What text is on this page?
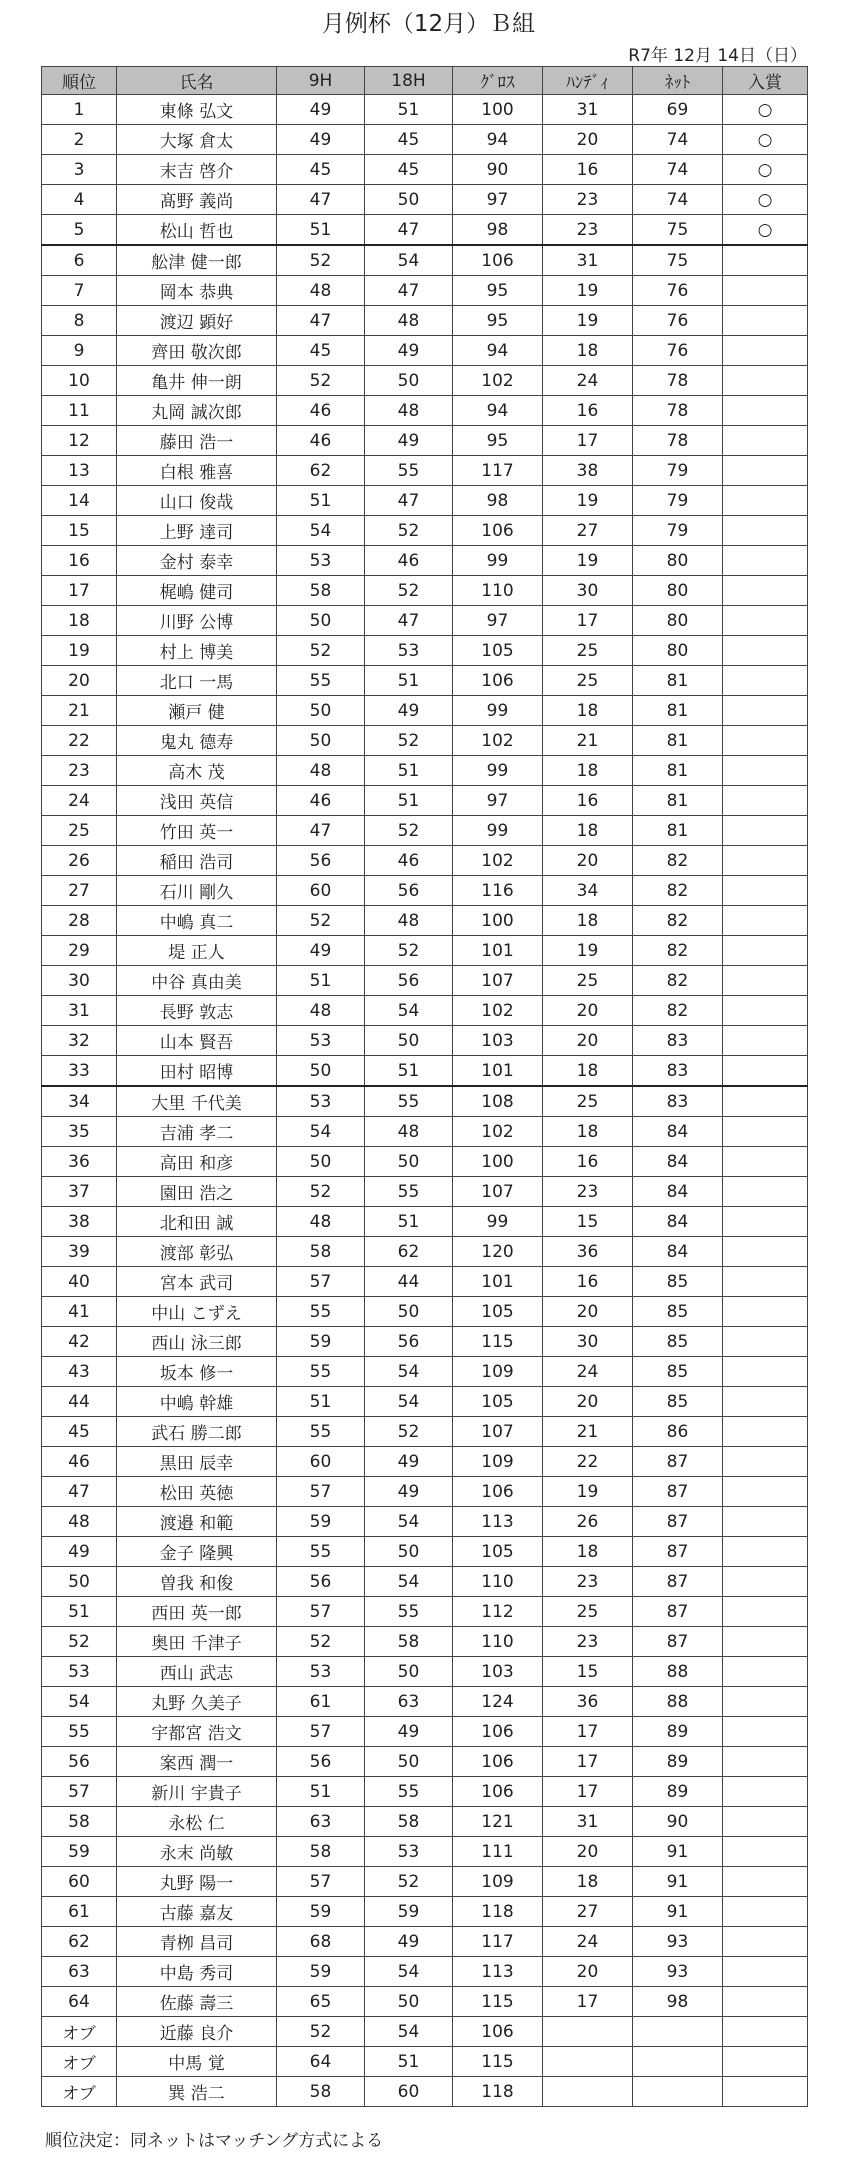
月例杯（12月）Ｂ組
R7年 12月 14日（日）
順位	氏名	9H	18H	ｸﾞﾛｽ	ﾊﾝﾃﾞｨ	ﾈｯﾄ	入賞
1	東條 弘文	49	51	100	31	69	○
2	大塚 倉太	49	45	94	20	74	○
3	末吉 啓介	45	45	90	16	74	○
4	髙野 義尚	47	50	97	23	74	○
5	松山 哲也	51	47	98	23	75	○
6	舩津 健一郎	52	54	106	31	75	
7	岡本 恭典	48	47	95	19	76	
8	渡辺 顕好	47	48	95	19	76	
9	齊田 敬次郎	45	49	94	18	76	
10	亀井 伸一朗	52	50	102	24	78	
11	丸岡 誠次郎	46	48	94	16	78	
12	藤田 浩一	46	49	95	17	78	
13	白根 雅喜	62	55	117	38	79	
14	山口 俊哉	51	47	98	19	79	
15	上野 達司	54	52	106	27	79	
16	金村 泰幸	53	46	99	19	80	
17	梶嶋 健司	58	52	110	30	80	
18	川野 公博	50	47	97	17	80	
19	村上 博美	52	53	105	25	80	
20	北口 一馬	55	51	106	25	81	
21	瀬戸 健	50	49	99	18	81	
22	鬼丸 德寿	50	52	102	21	81	
23	高木 茂	48	51	99	18	81	
24	浅田 英信	46	51	97	16	81	
25	竹田 英一	47	52	99	18	81	
26	稲田 浩司	56	46	102	20	82	
27	石川 剛久	60	56	116	34	82	
28	中嶋 真二	52	48	100	18	82	
29	堤 正人	49	52	101	19	82	
30	中谷 真由美	51	56	107	25	82	
31	長野 敦志	48	54	102	20	82	
32	山本 賢吾	53	50	103	20	83	
33	田村 昭博	50	51	101	18	83	
34	大里 千代美	53	55	108	25	83	
35	吉浦 孝二	54	48	102	18	84	
36	高田 和彦	50	50	100	16	84	
37	園田 浩之	52	55	107	23	84	
38	北和田 誠	48	51	99	15	84	
39	渡部 彰弘	58	62	120	36	84	
40	宮本 武司	57	44	101	16	85	
41	中山 こずえ	55	50	105	20	85	
42	西山 泳三郎	59	56	115	30	85	
43	坂本 修一	55	54	109	24	85	
44	中嶋 幹雄	51	54	105	20	85	
45	武石 勝二郎	55	52	107	21	86	
46	黒田 辰幸	60	49	109	22	87	
47	松田 英徳	57	49	106	19	87	
48	渡邉 和範	59	54	113	26	87	
49	金子 隆興	55	50	105	18	87	
50	曽我 和俊	56	54	110	23	87	
51	西田 英一郎	57	55	112	25	87	
52	奥田 千津子	52	58	110	23	87	
53	西山 武志	53	50	103	15	88	
54	丸野 久美子	61	63	124	36	88	
55	宇都宮 浩文	57	49	106	17	89	
56	案西 潤一	56	50	106	17	89	
57	新川 宇貴子	51	55	106	17	89	
58	永松 仁	63	58	121	31	90	
59	永末 尚敏	58	53	111	20	91	
60	丸野 陽一	57	52	109	18	91	
61	古藤 嘉友	59	59	118	27	91	
62	青栁 昌司	68	49	117	24	93	
63	中島 秀司	59	54	113	20	93	
64	佐藤 壽三	65	50	115	17	98	
オブ	近藤 良介	52	54	106			
オブ	中馬 覚	64	51	115			
オブ	巽 浩二	58	60	118			
順位決定：同ネットはマッチング方式による
